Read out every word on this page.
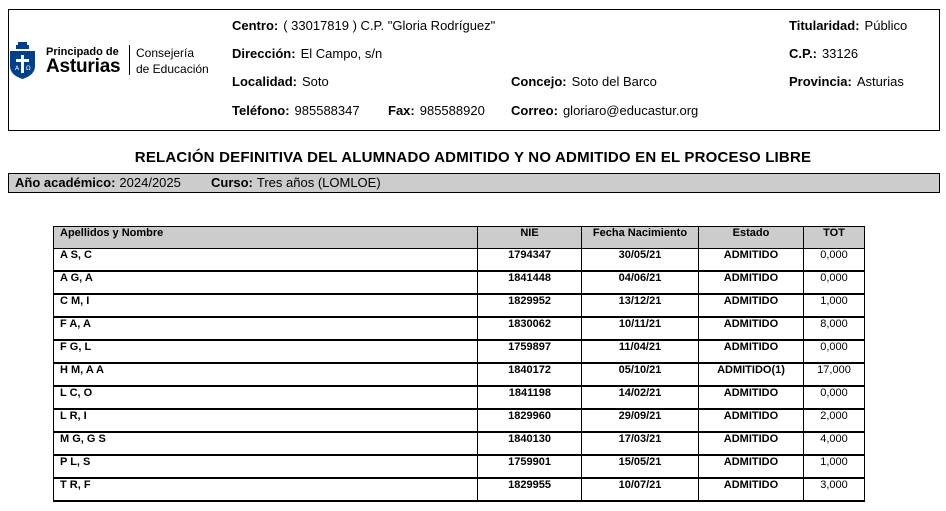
A Ω
Principado de
Asturias
Consejería
de Educación
Centro: ( 33017819 ) C.P. "Gloria Rodríguez"
Dirección: El Campo, s/n
Localidad: Soto	Concejo: Soto del Barco
Teléfono: 985588347 Fax: 985588920 Correo: gloriaro@educastur.org
Titularidad: Público
C.P.: 33126
Provincia: Asturias
RELACIÓN DEFINITIVA DEL ALUMNADO ADMITIDO Y NO ADMITIDO EN EL PROCESO LIBRE
Año académico: 2024/2025 Curso: Tres años (LOMLOE)
Apellidos y Nombre	NIE	Fecha Nacimiento	Estado	TOT
A S, C	1794347	30/05/21	ADMITIDO	0,000
A G, A	1841448	04/06/21	ADMITIDO	0,000
C M, I	1829952	13/12/21	ADMITIDO	1,000
F A, A	1830062	10/11/21	ADMITIDO	8,000
F G, L	1759897	11/04/21	ADMITIDO	0,000
H M, A A	1840172	05/10/21	ADMITIDO(1)	17,000
L C, O	1841198	14/02/21	ADMITIDO	0,000
L R, I	1829960	29/09/21	ADMITIDO	2,000
M G, G S	1840130	17/03/21	ADMITIDO	4,000
P L, S	1759901	15/05/21	ADMITIDO	1,000
T R, F	1829955	10/07/21	ADMITIDO	3,000
